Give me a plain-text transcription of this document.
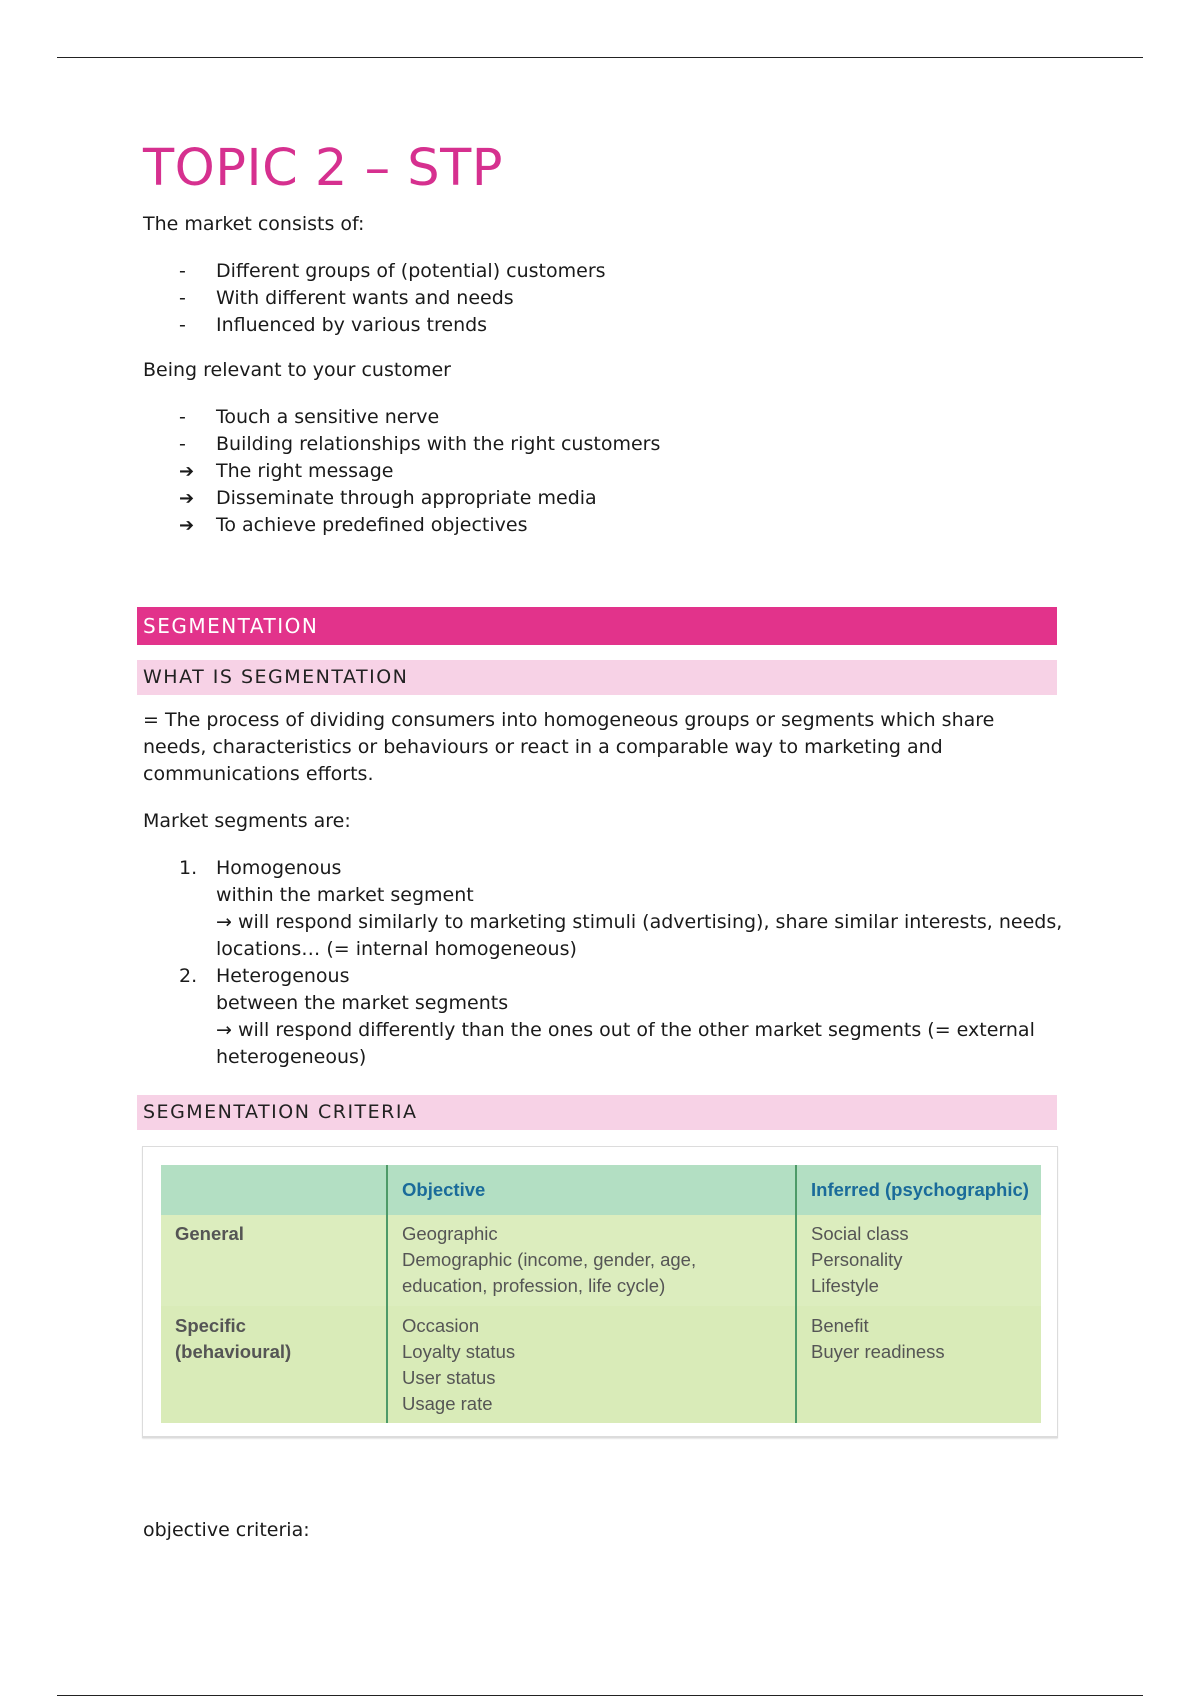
TOPIC 2 – STP

The market consists of:

-	Different groups of (potential) customers
-	With different wants and needs
-	Influenced by various trends

Being relevant to your customer

-	Touch a sensitive nerve
-	Building relationships with the right customers
➔	The right message
➔	Disseminate through appropriate media
➔	To achieve predefined objectives
SEGMENTATION
WHAT IS SEGMENTATION

= The process of dividing consumers into homogeneous groups or segments which share needs, characteristics or behaviours or react in a comparable way to marketing and communications efforts.

Market segments are:

1. Homogenous
within the market segment
→ will respond similarly to marketing stimuli (advertising), share similar interests, needs, locations… (= internal homogeneous)
2. Heterogenous
between the market segments
→ will respond differently than the ones out of the other market segments (= external heterogeneous)
SEGMENTATION CRITERIA
	Objective	Inferred (psychographic)

General	Geographic
Demographic (income, gender, age,
education, profession, life cycle)	Social class
Personality
Lifestyle

Specific
(behavioural)	Occasion
Loyalty status
User status
Usage rate	Benefit
Buyer readiness

objective criteria:
